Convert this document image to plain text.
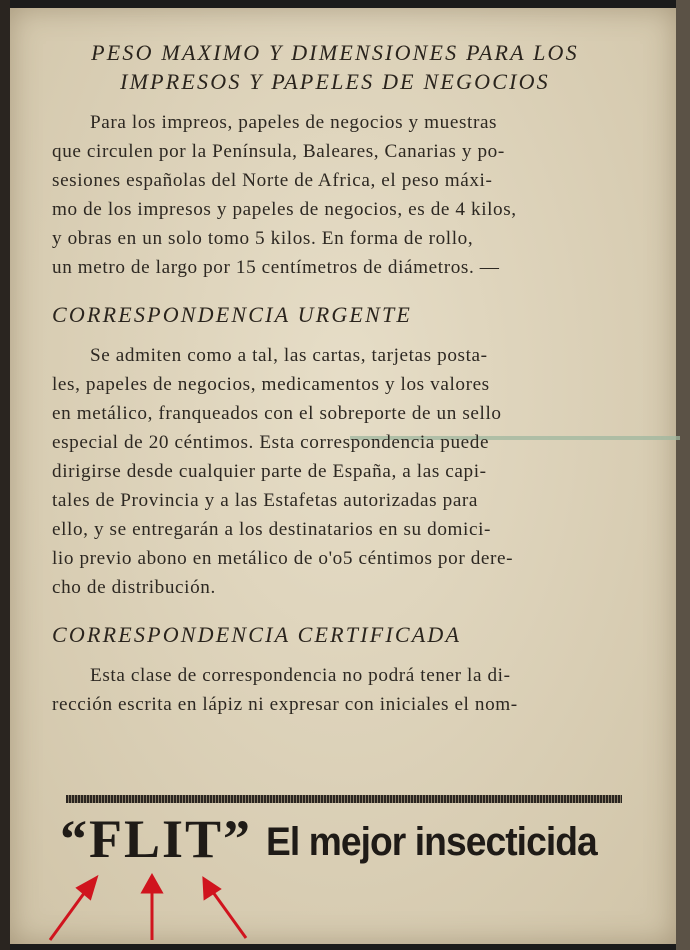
PESO MAXIMO Y DIMENSIONES PARA LOS
IMPRESOS Y PAPELES DE NEGOCIOS

Para los impreos, papeles de negocios y muestras

que circulen por la Península, Baleares, Canarias y po-

sesiones españolas del Norte de Africa, el peso máxi-

mo de los impresos y papeles de negocios, es de 4 kilos,

y obras en un solo tomo 5 kilos. En forma de rollo,

un metro de largo por 15 centímetros de diámetros. —

CORRESPONDENCIA URGENTE

Se admiten como a tal, las cartas, tarjetas posta-

les, papeles de negocios, medicamentos y los valores

en metálico, franqueados con el sobreporte de un sello

especial de 20 céntimos. Esta correspondencia puede

dirigirse desde cualquier parte de España, a las capi-

tales de Provincia y a las Estafetas autorizadas para

ello, y se entregarán a los destinatarios en su domici-

lio previo abono en metálico de o'o5 céntimos por dere-

cho de distribución.

CORRESPONDENCIA CERTIFICADA

Esta clase de correspondencia no podrá tener la di-

rección escrita en lápiz ni expresar con iniciales el nom-

“FLIT” El mejor insecticida
